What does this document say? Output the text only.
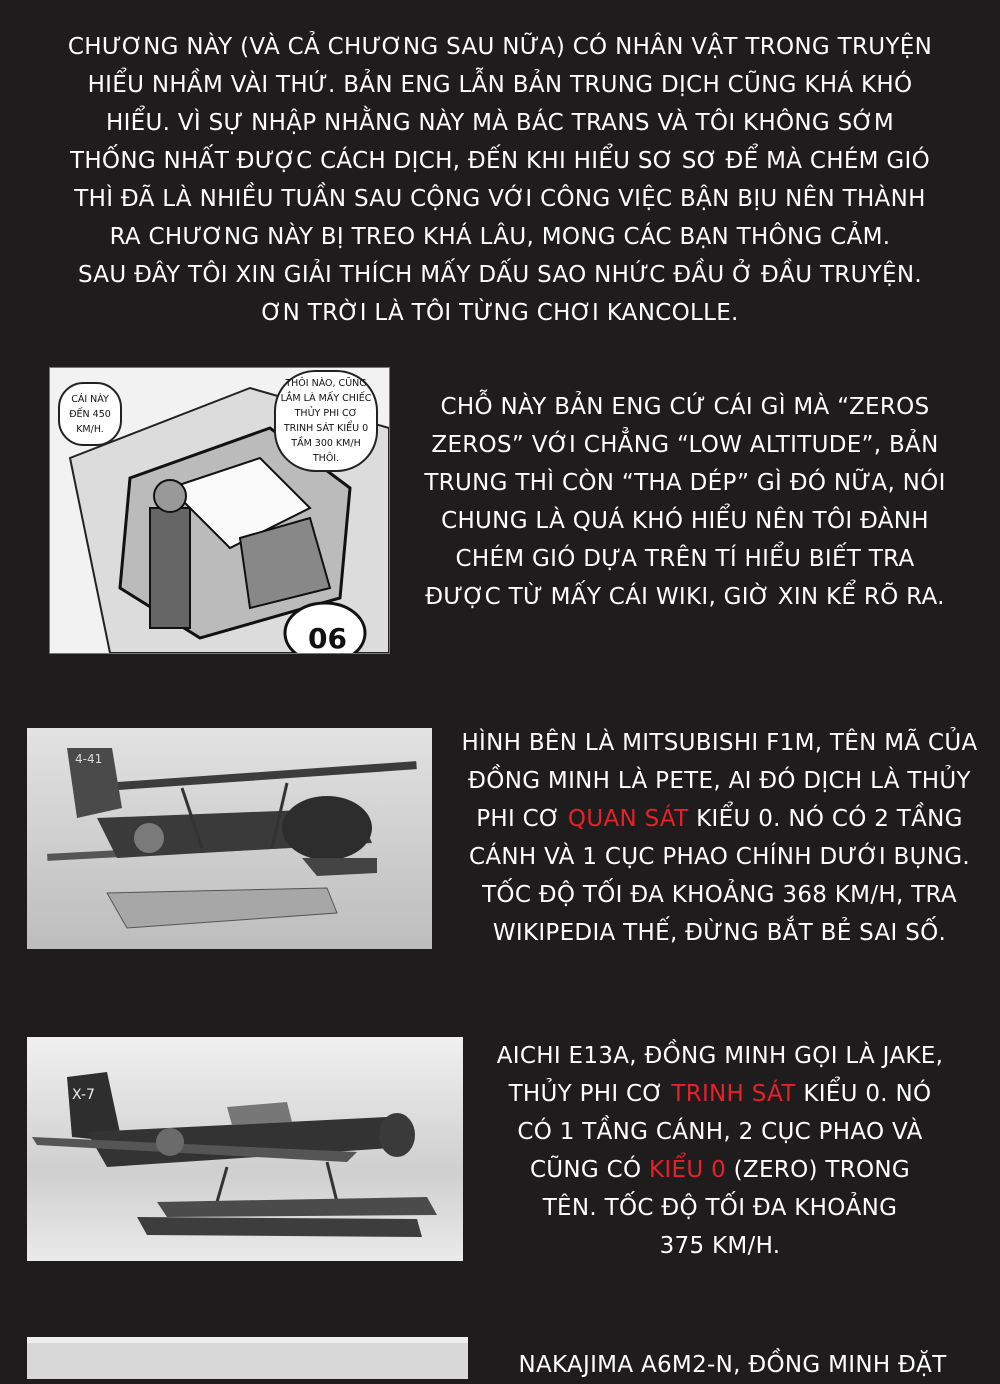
CHƯƠNG NÀY (VÀ CẢ CHƯƠNG SAU NỮA) CÓ NHÂN VẬT TRONG TRUYỆN
HIỂU NHẦM VÀI THỨ. BẢN ENG LẪN BẢN TRUNG DỊCH CŨNG KHÁ KHÓ
HIỂU. VÌ SỰ NHẬP NHẰNG NÀY MÀ BÁC TRANS VÀ TÔI KHÔNG SỚM
THỐNG NHẤT ĐƯỢC CÁCH DỊCH, ĐẾN KHI HIỂU SƠ SƠ ĐỂ MÀ CHÉM GIÓ
THÌ ĐÃ LÀ NHIỀU TUẦN SAU CỘNG VỚI CÔNG VIỆC BẬN BỊU NÊN THÀNH
RA CHƯƠNG NÀY BỊ TREO KHÁ LÂU, MONG CÁC BẠN THÔNG CẢM.
SAU ĐÂY TÔI XIN GIẢI THÍCH MẤY DẤU SAO NHỨC ĐẦU Ở ĐẦU TRUYỆN.
ƠN TRỜI LÀ TÔI TỪNG CHƠI KANCOLLE.
06
CÁI NÀY ĐẾN 450 KM/H.
THÔI NÀO, CŨNG LẮM LÀ MẤY CHIẾC THỦY PHI CƠ TRINH SÁT KIỂU 0 TẦM 300 KM/H THÔI.
CHỖ NÀY BẢN ENG CỨ CÁI GÌ MÀ “ZEROS
ZEROS” VỚI CHẲNG “LOW ALTITUDE”, BẢN
TRUNG THÌ CÒN “THA DÉP” GÌ ĐÓ NỮA, NÓI
CHUNG LÀ QUÁ KHÓ HIỂU NÊN TÔI ĐÀNH
CHÉM GIÓ DỰA TRÊN TÍ HIỂU BIẾT TRA
ĐƯỢC TỪ MẤY CÁI WIKI, GIỜ XIN KỂ RÕ RA.
4-41
HÌNH BÊN LÀ MITSUBISHI F1M, TÊN MÃ CỦA
ĐỒNG MINH LÀ PETE, AI ĐÓ DỊCH LÀ THỦY
PHI CƠ QUAN SÁT KIỂU 0. NÓ CÓ 2 TẦNG
CÁNH VÀ 1 CỤC PHAO CHÍNH DƯỚI BỤNG.
TỐC ĐỘ TỐI ĐA KHOẢNG 368 KM/H, TRA
WIKIPEDIA THẾ, ĐỪNG BẮT BẺ SAI SỐ.
X-7
AICHI E13A, ĐỒNG MINH GỌI LÀ JAKE,
THỦY PHI CƠ TRINH SÁT KIỂU 0. NÓ
CÓ 1 TẦNG CÁNH, 2 CỤC PHAO VÀ
CŨNG CÓ KIỂU 0 (ZERO) TRONG
TÊN. TỐC ĐỘ TỐI ĐA KHOẢNG
375 KM/H.
NAKAJIMA A6M2-N, ĐỒNG MINH ĐẶT
